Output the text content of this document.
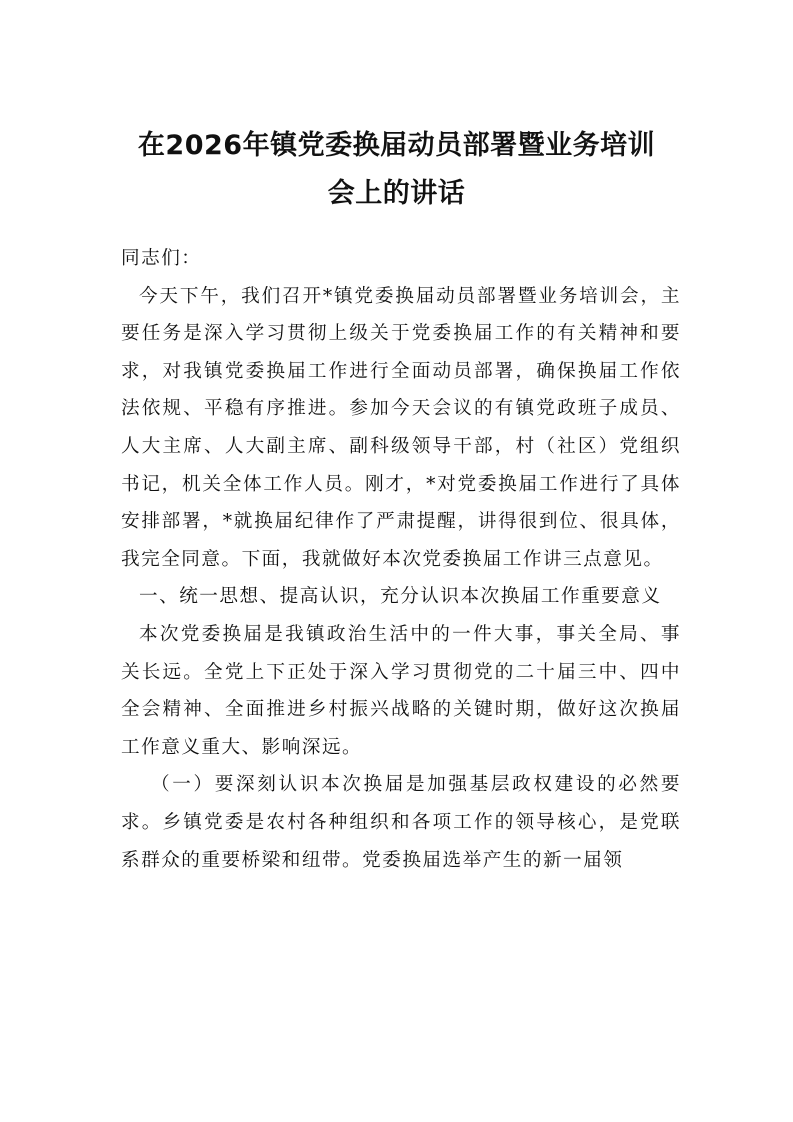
在2026年镇党委换届动员部署暨业务培训
会上的讲话

同志们：

今天下午，我们召开*镇党委换届动员部署暨业务培训会，主要任务是深入学习贯彻上级关于党委换届工作的有关精神和要求，对我镇党委换届工作进行全面动员部署，确保换届工作依法依规、平稳有序推进。参加今天会议的有镇党政班子成员、人大主席、人大副主席、副科级领导干部，村（社区）党组织书记，机关全体工作人员。刚才，*对党委换届工作进行了具体安排部署，*就换届纪律作了严肃提醒，讲得很到位、很具体，我完全同意。下面，我就做好本次党委换届工作讲三点意见。

一、统一思想、提高认识，充分认识本次换届工作重要意义

本次党委换届是我镇政治生活中的一件大事，事关全局、事关长远。全党上下正处于深入学习贯彻党的二十届三中、四中全会精神、全面推进乡村振兴战略的关键时期，做好这次换届工作意义重大、影响深远。

（一）要深刻认识本次换届是加强基层政权建设的必然要求。乡镇党委是农村各种组织和各项工作的领导核心，是党联系群众的重要桥梁和纽带。党委换届选举产生的新一届领
